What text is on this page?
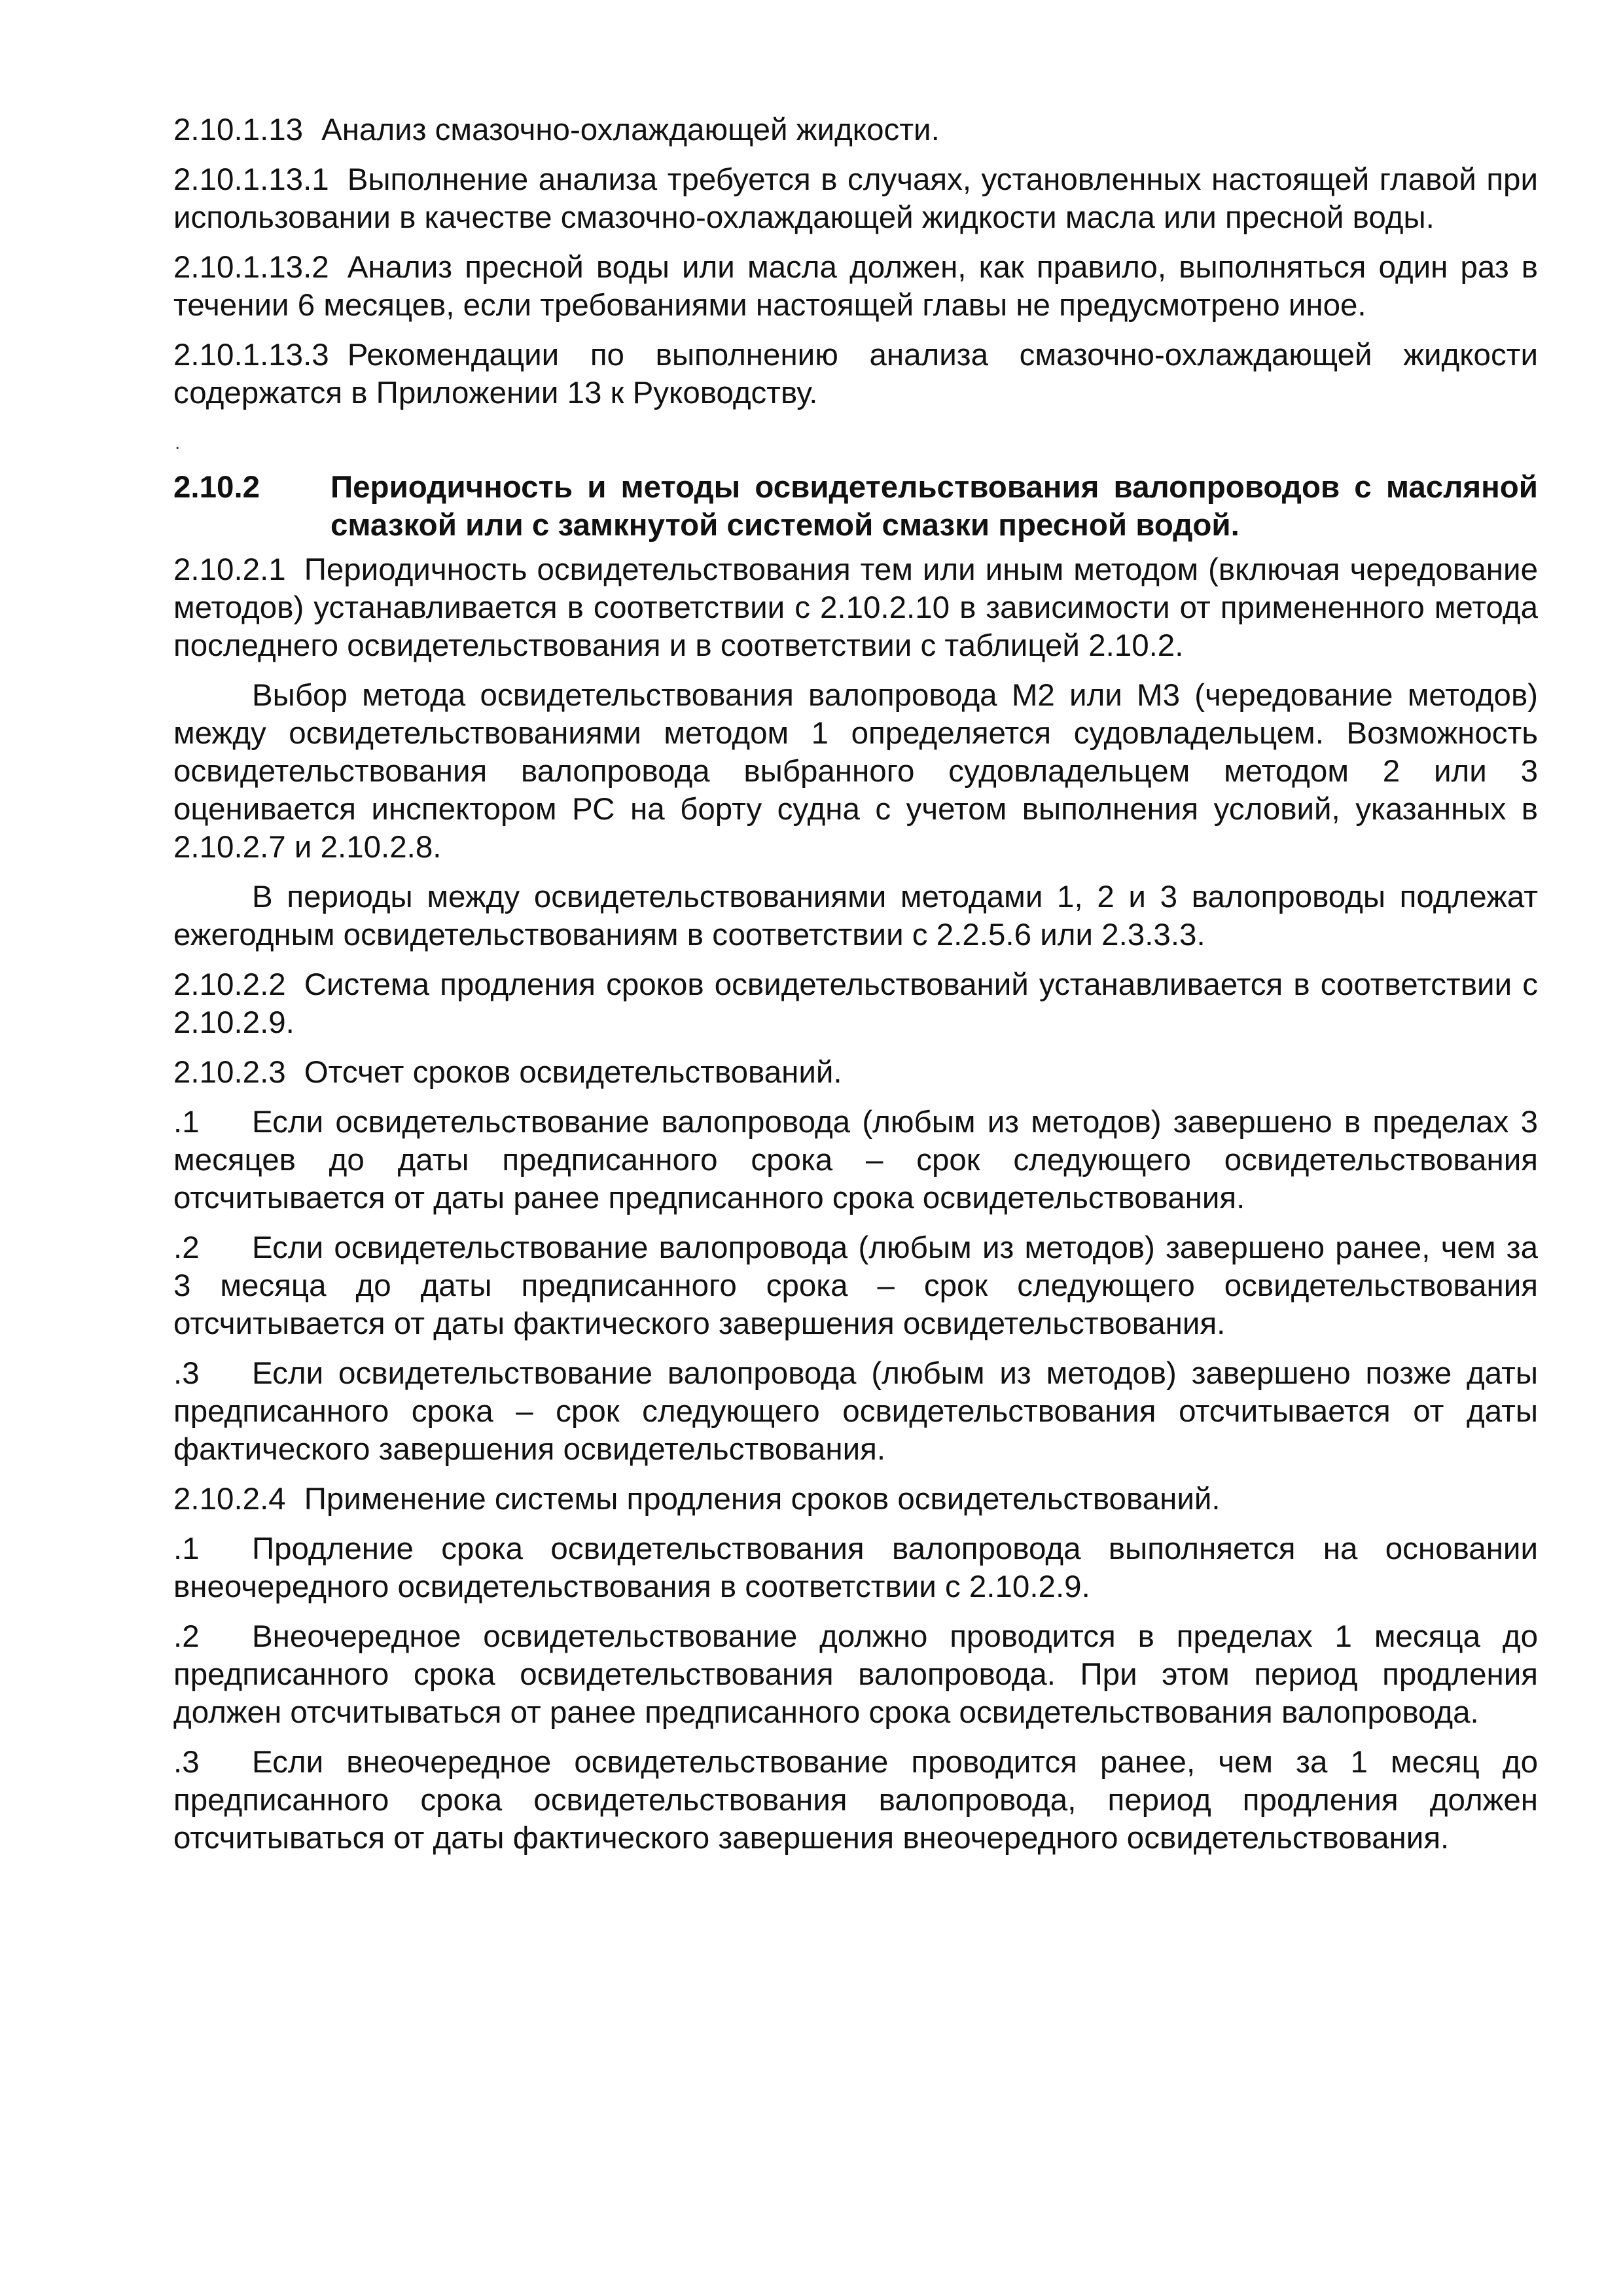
2.10.1.13 Анализ смазочно-охлаждающей жидкости.

2.10.1.13.1 Выполнение анализа требуется в случаях, установленных настоящей главой при использовании в качестве смазочно-охлаждающей жидкости масла или пресной воды.

2.10.1.13.2 Анализ пресной воды или масла должен, как правило, выполняться один раз в течении 6 месяцев, если требованиями настоящей главы не предусмотрено иное.

2.10.1.13.3 Рекомендации по выполнению анализа смазочно-охлаждающей жидкости содержатся в Приложении 13 к Руководству.

.
2.10.2	Периодичность и методы освидетельствования валопроводов с масляной смазкой или с замкнутой системой смазки пресной водой.

2.10.2.1 Периодичность освидетельствования тем или иным методом (включая чередование методов) устанавливается в соответствии с 2.10.2.10 в зависимости от примененного метода последнего освидетельствования и в соответствии с таблицей 2.10.2.

Выбор метода освидетельствования валопровода М2 или М3 (чередование методов) между освидетельствованиями методом 1 определяется судовладельцем. Возможность освидетельствования валопровода выбранного судовладельцем методом 2 или 3 оценивается инспектором РС на борту судна с учетом выполнения условий, указанных в 2.10.2.7 и 2.10.2.8.

В периоды между освидетельствованиями методами 1, 2 и 3 валопроводы подлежат ежегодным освидетельствованиям в соответствии с 2.2.5.6 или 2.3.3.3.

2.10.2.2 Система продления сроков освидетельствований устанавливается в соответствии с 2.10.2.9.

2.10.2.3 Отсчет сроков освидетельствований.

.1 Если освидетельствование валопровода (любым из методов) завершено в пределах 3 месяцев до даты предписанного срока – срок следующего освидетельствования отсчитывается от даты ранее предписанного срока освидетельствования.

.2 Если освидетельствование валопровода (любым из методов) завершено ранее, чем за 3 месяца до даты предписанного срока – срок следующего освидетельствования отсчитывается от даты фактического завершения освидетельствования.

.3 Если освидетельствование валопровода (любым из методов) завершено позже даты предписанного срока – срок следующего освидетельствования отсчитывается от даты фактического завершения освидетельствования.

2.10.2.4 Применение системы продления сроков освидетельствований.

.1 Продление срока освидетельствования валопровода выполняется на основании внеочередного освидетельствования в соответствии с 2.10.2.9.

.2 Внеочередное освидетельствование должно проводится в пределах 1 месяца до предписанного срока освидетельствования валопровода. При этом период продления должен отсчитываться от ранее предписанного срока освидетельствования валопровода.

.3 Если внеочередное освидетельствование проводится ранее, чем за 1 месяц до предписанного срока освидетельствования валопровода, период продления должен отсчитываться от даты фактического завершения внеочередного освидетельствования.
